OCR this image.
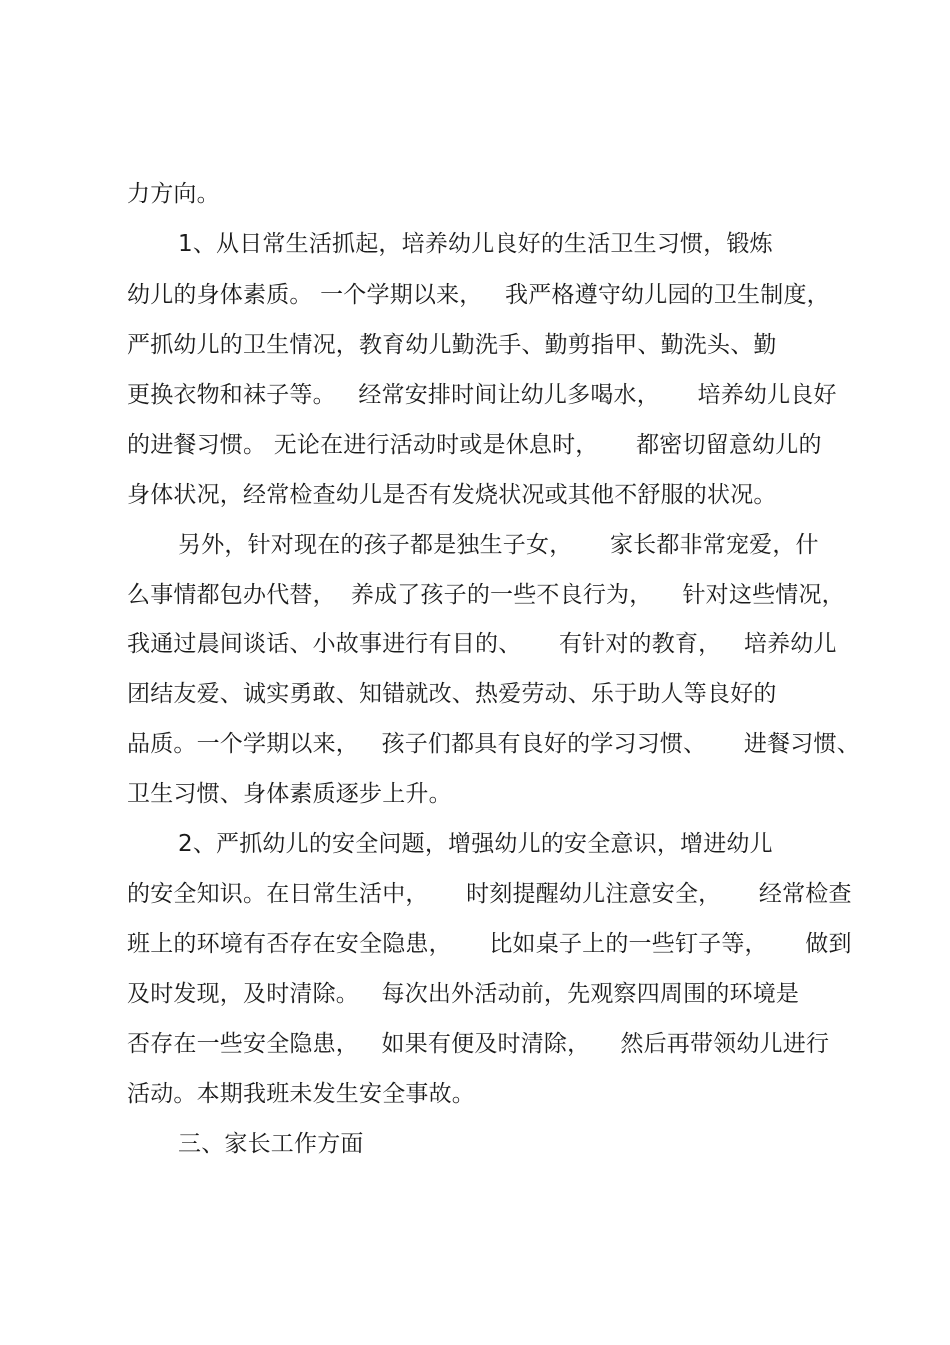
力方向。
1、从日常生活抓起，培养幼儿良好的生活卫生习惯，锻炼
幼儿的身体素质。 一个学期以来，   我严格遵守幼儿园的卫生制度，
严抓幼儿的卫生情况，教育幼儿勤洗手、勤剪指甲、勤洗头、勤
更换衣物和袜子等。   经常安排时间让幼儿多喝水，     培养幼儿良好
的进餐习惯。 无论在进行活动时或是休息时，     都密切留意幼儿的
身体状况，经常检查幼儿是否有发烧状况或其他不舒服的状况。
另外，针对现在的孩子都是独生子女，     家长都非常宠爱，什
么事情都包办代替，  养成了孩子的一些不良行为，    针对这些情况，
我通过晨间谈话、小故事进行有目的、     有针对的教育，   培养幼儿
团结友爱、诚实勇敢、知错就改、热爱劳动、乐于助人等良好的
品质。一个学期以来，   孩子们都具有良好的学习习惯、     进餐习惯、
卫生习惯、身体素质逐步上升。
2、严抓幼儿的安全问题，增强幼儿的安全意识，增进幼儿
的安全知识。在日常生活中，     时刻提醒幼儿注意安全，     经常检查
班上的环境有否存在安全隐患，     比如桌子上的一些钉子等，     做到
及时发现，及时清除。   每次出外活动前，先观察四周围的环境是
否存在一些安全隐患，   如果有便及时清除，    然后再带领幼儿进行
活动。本期我班未发生安全事故。
三、家长工作方面
